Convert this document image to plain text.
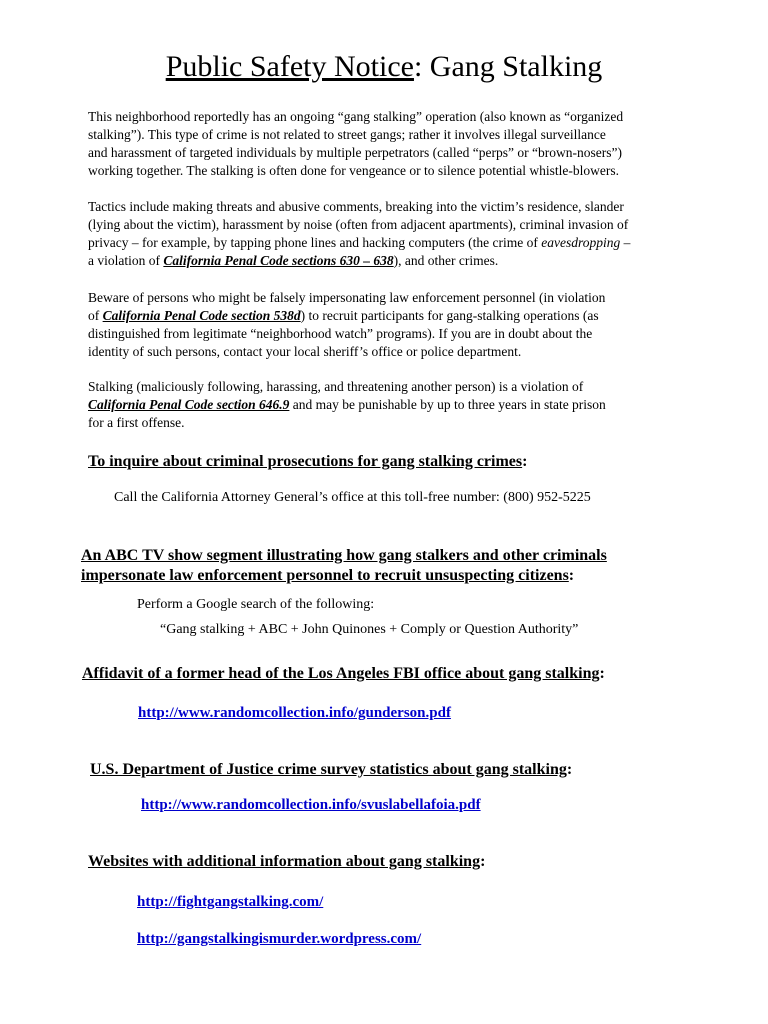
Public Safety Notice: Gang Stalking
This neighborhood reportedly has an ongoing “gang stalking” operation (also known as “organized
stalking”). This type of crime is not related to street gangs; rather it involves illegal surveillance
and harassment of targeted individuals by multiple perpetrators (called “perps” or “brown-nosers”)
working together. The stalking is often done for vengeance or to silence potential whistle-blowers.
Tactics include making threats and abusive comments, breaking into the victim’s residence, slander
(lying about the victim), harassment by noise (often from adjacent apartments), criminal invasion of
privacy – for example, by tapping phone lines and hacking computers (the crime of eavesdropping –
a violation of California Penal Code sections 630 – 638), and other crimes.
Beware of persons who might be falsely impersonating law enforcement personnel (in violation
of California Penal Code section 538d) to recruit participants for gang-stalking operations (as
distinguished from legitimate “neighborhood watch” programs). If you are in doubt about the
identity of such persons, contact your local sheriff’s office or police department.
Stalking (maliciously following, harassing, and threatening another person) is a violation of
California Penal Code section 646.9 and may be punishable by up to three years in state prison
for a first offense.
To inquire about criminal prosecutions for gang stalking crimes:
Call the California Attorney General’s office at this toll-free number: (800) 952-5225
An ABC TV show segment illustrating how gang stalkers and other criminals
impersonate law enforcement personnel to recruit unsuspecting citizens:
Perform a Google search of the following:
“Gang stalking + ABC + John Quinones + Comply or Question Authority”
Affidavit of a former head of the Los Angeles FBI office about gang stalking:
http://www.randomcollection.info/gunderson.pdf
U.S. Department of Justice crime survey statistics about gang stalking:
http://www.randomcollection.info/svuslabellafoia.pdf
Websites with additional information about gang stalking:
http://fightgangstalking.com/
http://gangstalkingismurder.wordpress.com/
